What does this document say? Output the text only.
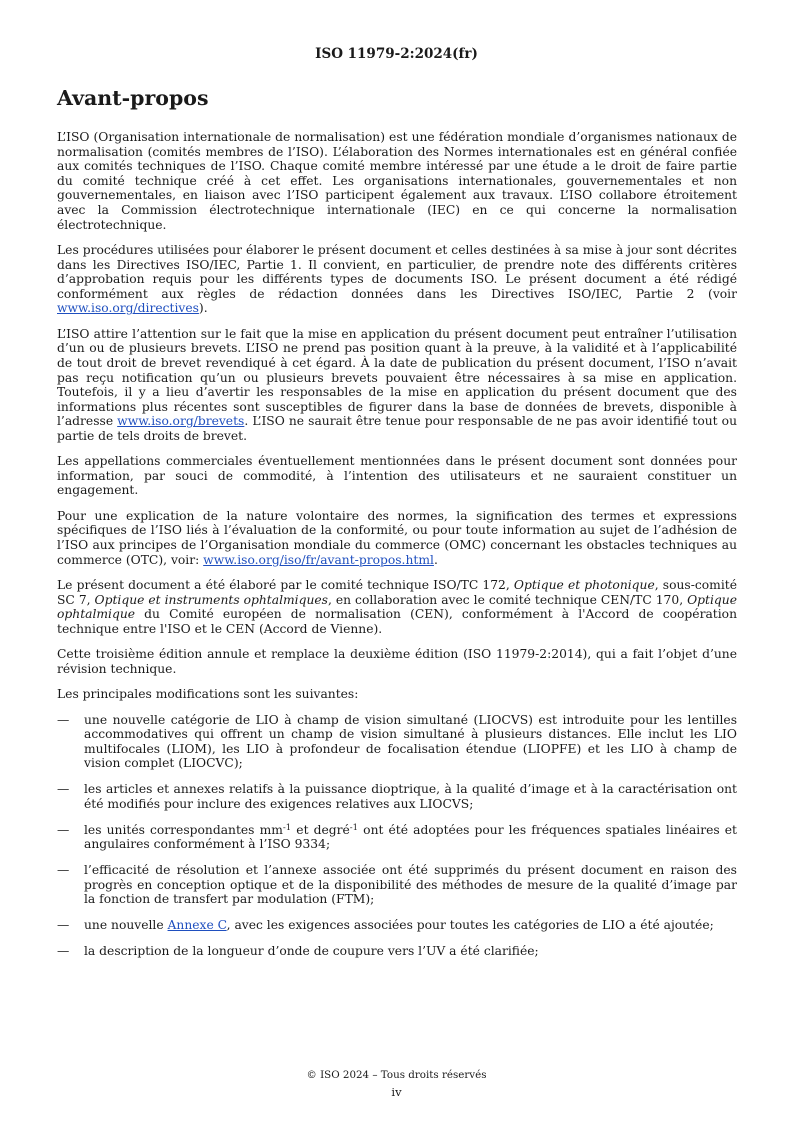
ISO 11979-2:2024(fr)
Avant-propos

L’ISO (Organisation internationale de normalisation) est une fédération mondiale d’organismes nationaux de normalisation (comités membres de l’ISO). L’élaboration des Normes internationales est en général confiée aux comités techniques de l’ISO. Chaque comité membre intéressé par une étude a le droit de faire partie du comité technique créé à cet effet. Les organisations internationales, gouvernementales et non gouvernementales, en liaison avec l’ISO participent également aux travaux. L’ISO collabore étroitement avec la Commission électrotechnique internationale (IEC) en ce qui concerne la normalisation électrotechnique.

Les procédures utilisées pour élaborer le présent document et celles destinées à sa mise à jour sont décrites dans les Directives ISO/IEC, Partie 1. Il convient, en particulier, de prendre note des différents critères d’approbation requis pour les différents types de documents ISO. Le présent document a été rédigé conformément aux règles de rédaction données dans les Directives ISO/IEC, Partie 2 (voir www.iso.org/directives).

L’ISO attire l’attention sur le fait que la mise en application du présent document peut entraîner l’utilisation d’un ou de plusieurs brevets. L’ISO ne prend pas position quant à la preuve, à la validité et à l’applicabilité de tout droit de brevet revendiqué à cet égard. À la date de publication du présent document, l’ISO n’avait pas reçu notification qu’un ou plusieurs brevets pouvaient être nécessaires à sa mise en application. Toutefois, il y a lieu d’avertir les responsables de la mise en application du présent document que des informations plus récentes sont susceptibles de figurer dans la base de données de brevets, disponible à l’adresse www.iso.org/brevets. L’ISO ne saurait être tenue pour responsable de ne pas avoir identifié tout ou partie de tels droits de brevet.

Les appellations commerciales éventuellement mentionnées dans le présent document sont données pour information, par souci de commodité, à l’intention des utilisateurs et ne sauraient constituer un engagement.

Pour une explication de la nature volontaire des normes, la signification des termes et expressions spécifiques de l’ISO liés à l’évaluation de la conformité, ou pour toute information au sujet de l’adhésion de l’ISO aux principes de l’Organisation mondiale du commerce (OMC) concernant les obstacles techniques au commerce (OTC), voir: www.iso.org/iso/fr/avant-propos.html.

Le présent document a été élaboré par le comité technique ISO/TC 172, Optique et photonique, sous-comité SC 7, Optique et instruments ophtalmiques, en collaboration avec le comité technique CEN/TC 170, Optique ophtalmique du Comité européen de normalisation (CEN), conformément à l'Accord de coopération technique entre l'ISO et le CEN (Accord de Vienne).

Cette troisième édition annule et remplace la deuxième édition (ISO 11979-2:2014), qui a fait l’objet d’une révision technique.

Les principales modifications sont les suivantes:

— une nouvelle catégorie de LIO à champ de vision simultané (LIOCVS) est introduite pour les lentilles accommodatives qui offrent un champ de vision simultané à plusieurs distances. Elle inclut les LIO multifocales (LIOM), les LIO à profondeur de focalisation étendue (LIOPFE) et les LIO à champ de vision complet (LIOCVC);
— les articles et annexes relatifs à la puissance dioptrique, à la qualité d’image et à la caractérisation ont été modifiés pour inclure des exigences relatives aux LIOCVS;
— les unités correspondantes $mm^{-1}$ et degré$^{-1}$ ont été adoptées pour les fréquences spatiales linéaires et angulaires conformément à l’ISO 9334;
— l’efficacité de résolution et l’annexe associée ont été supprimés du présent document en raison des progrès en conception optique et de la disponibilité des méthodes de mesure de la qualité d’image par la fonction de transfert par modulation (FTM);
— une nouvelle Annexe C, avec les exigences associées pour toutes les catégories de LIO a été ajoutée;
— la description de la longueur d’onde de coupure vers l’UV a été clarifiée;
© ISO 2024 – Tous droits réservés
iv
